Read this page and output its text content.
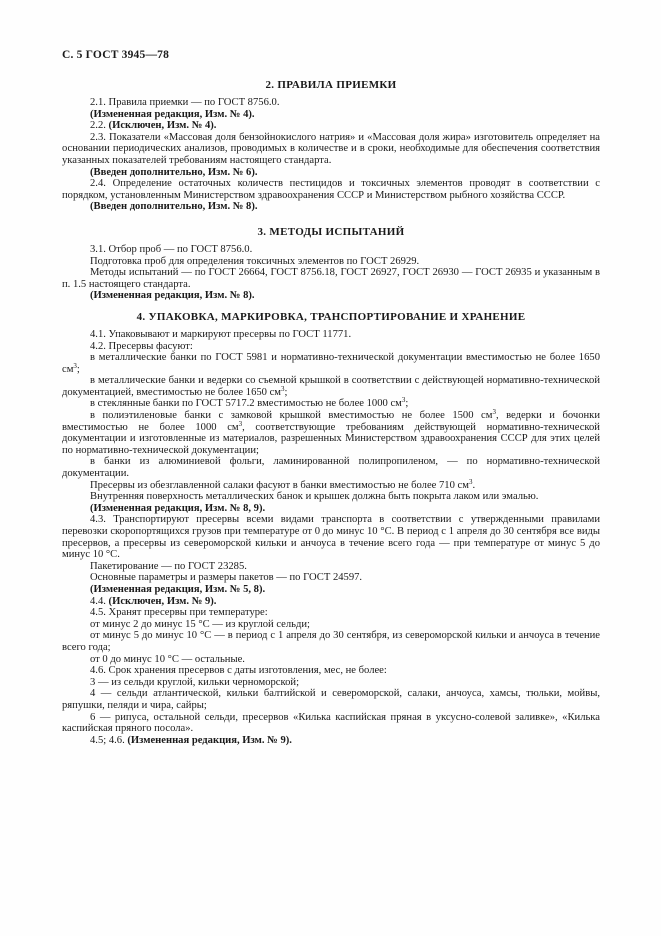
С. 5 ГОСТ 3945—78
2. ПРАВИЛА ПРИЕМКИ

2.1. Правила приемки — по ГОСТ 8756.0.

(Измененная редакция, Изм. № 4).

2.2. (Исключен, Изм. № 4).

2.3. Показатели «Массовая доля бензойнокислого натрия» и «Массовая доля жира» изготовитель определяет на основании периодических анализов, проводимых в количестве и в сроки, необходимые для обеспечения соответствия указанных показателей требованиям настоящего стандарта.

(Введен дополнительно, Изм. № 6).

2.4. Определение остаточных количеств пестицидов и токсичных элементов проводят в соответствии с порядком, установленным Министерством здравоохранения СССР и Министерством рыбного хозяйства СССР.

(Введен дополнительно, Изм. № 8).

3. МЕТОДЫ ИСПЫТАНИЙ

3.1. Отбор проб — по ГОСТ 8756.0.

Подготовка проб для определения токсичных элементов по ГОСТ 26929.

Методы испытаний — по ГОСТ 26664, ГОСТ 8756.18, ГОСТ 26927, ГОСТ 26930 — ГОСТ 26935 и указанным в п. 1.5 настоящего стандарта.

(Измененная редакция, Изм. № 8).

4. УПАКОВКА, МАРКИРОВКА, ТРАНСПОРТИРОВАНИЕ И ХРАНЕНИЕ

4.1. Упаковывают и маркируют пресервы по ГОСТ 11771.

4.2. Пресервы фасуют:

в металлические банки по ГОСТ 5981 и нормативно-технической документации вместимостью не более 1650 $см^3$;

в металлические банки и ведерки со съемной крышкой в соответствии с действующей нормативно-технической документацией, вместимостью не более 1650 $см^3$;

в стеклянные банки по ГОСТ 5717.2 вместимостью не более 1000 $см^3$;

в полиэтиленовые банки с замковой крышкой вместимостью не более 1500 $см^3$, ведерки и бочонки вместимостью не более 1000 $см^3$, соответствующие требованиям действующей нормативно-технической документации и изготовленные из материалов, разрешенных Министерством здравоохранения СССР для этих целей по нормативно-технической документации;

в банки из алюминиевой фольги, ламинированной полипропиленом, — по нормативно-технической документации.

Пресервы из обезглавленной салаки фасуют в банки вместимостью не более 710 $см^3$.

Внутренняя поверхность металлических банок и крышек должна быть покрыта лаком или эмалью.

(Измененная редакция, Изм. № 8, 9).

4.3. Транспортируют пресервы всеми видами транспорта в соответствии с утвержденными правилами перевозки скоропортящихся грузов при температуре от 0 до минус 10 °С. В период с 1 апреля до 30 сентября все виды пресервов, а пресервы из североморской кильки и анчоуса в течение всего года — при температуре от минус 5 до минус 10 °С.

Пакетирование — по ГОСТ 23285.

Основные параметры и размеры пакетов — по ГОСТ 24597.

(Измененная редакция, Изм. № 5, 8).

4.4. (Исключен, Изм. № 9).

4.5. Хранят пресервы при температуре:

от минус 2 до минус 15 °С — из круглой сельди;

от минус 5 до минус 10 °С — в период с 1 апреля до 30 сентября, из североморской кильки и анчоуса в течение всего года;

от 0 до минус 10 °С — остальные.

4.6. Срок хранения пресервов с даты изготовления, мес, не более:

3 — из сельди круглой, кильки черноморской;

4 — сельди атлантической, кильки балтийской и североморской, салаки, анчоуса, хамсы, тюльки, мойвы, ряпушки, пеляди и чира, сайры;

6 — рипуса, остальной сельди, пресервов «Килька каспийская пряная в уксусно-солевой заливке», «Килька каспийская пряного посола».

4.5; 4.6. (Измененная редакция, Изм. № 9).
